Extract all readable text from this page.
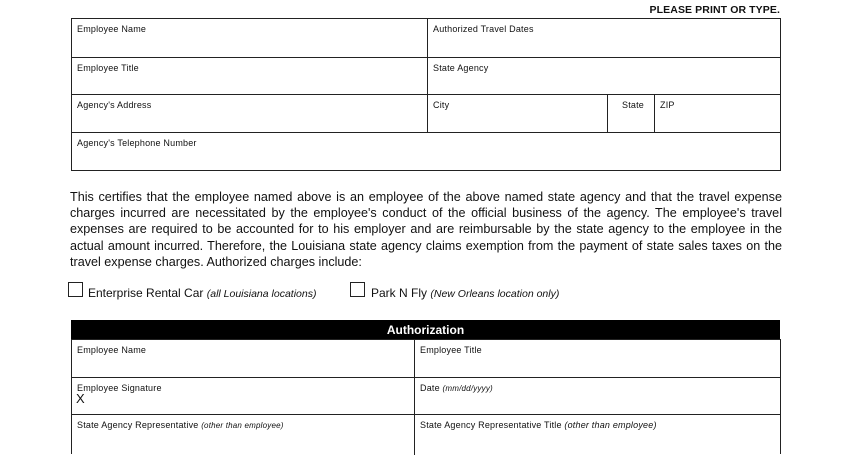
PLEASE PRINT OR TYPE.
Employee Name	Authorized Travel Dates
Employee Title	State Agency
Agency's Address	City	State ZIP
Agency's Telephone Number
This certifies that the employee named above is an employee of the above named state agency and that the travel expense charges incurred are necessitated by the employee's conduct of the official business of the agency. The employee's travel expenses are required to be accounted for to his employer and are reimbursable by the state agency to the employee in the actual amount incurred. Therefore, the Louisiana state agency claims exemption from the payment of state sales taxes on the travel expense charges. Authorized charges include:
Enterprise Rental Car (all Louisiana locations)	Park N Fly (New Orleans location only)
Authorization
Employee Name	Employee Title
Employee Signature	Date (mm/dd/yyyy)
State Agency Representative (other than employee)	State Agency Representative Title (other than employee)
X
